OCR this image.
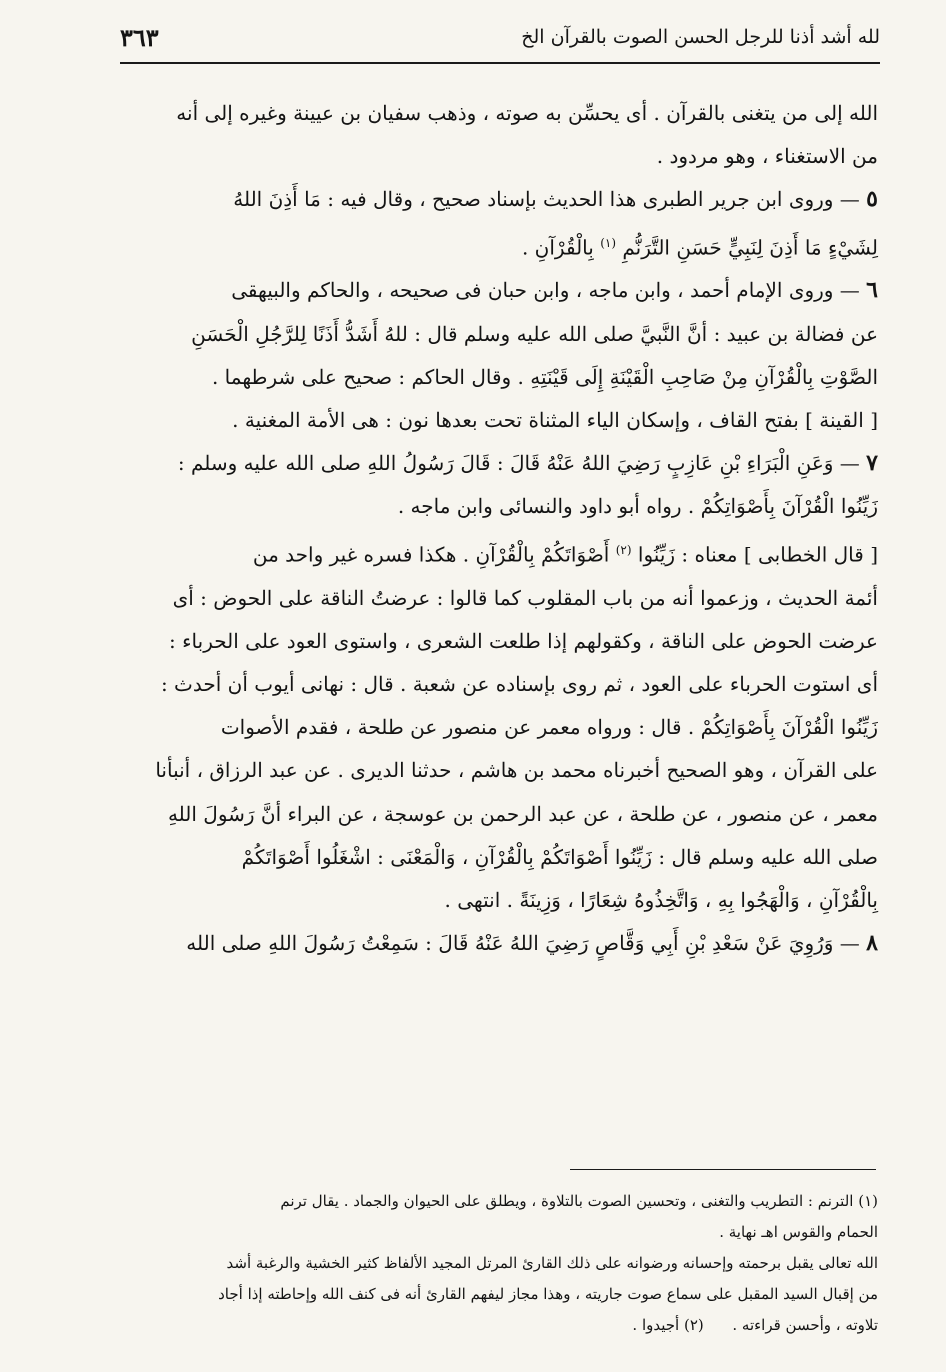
لله أشد أذنا للرجل الحسن الصوت بالقرآن الخ
٣٦٣

الله إلى من يتغنى بالقرآن . أى يحسِّن به صوته ، وذهب سفيان بن عيينة وغيره إلى أنه

من الاستغناء ، وهو مردود .

٥ — وروى ابن جرير الطبرى هذا الحديث بإسناد صحيح ، وقال فيه : مَا أَذِنَ اللهُ

لِشَيْءٍ مَا أَذِنَ لِنَبِيٍّ حَسَنِ التَّرَنُّمِ $^{(١)}$ بِالْقُرْآنِ .

٦ — وروى الإمام أحمد ، وابن ماجه ، وابن حبان فى صحيحه ، والحاكم والبيهقى

عن فضالة بن عبيد : أنَّ النَّبيَّ صلى الله عليه وسلم قال : للهُ أَشَدُّ أَذَنًا لِلرَّجُلِ الْحَسَنِ

الصَّوْتِ بِالْقُرْآنِ مِنْ صَاحِبِ الْقَيْنَةِ إِلَى قَيْنَتِهِ . وقال الحاكم : صحيح على شرطهما .

[ القينة ] بفتح القاف ، وإسكان الياء المثناة تحت بعدها نون : هى الأمة المغنية .

٧ — وَعَنِ الْبَرَاءِ بْنِ عَازِبٍ رَضِيَ اللهُ عَنْهُ قَالَ : قَالَ رَسُولُ اللهِ صلى الله عليه وسلم :

زَيِّنُوا الْقُرْآنَ بِأَصْوَاتِكُمْ . رواه أبو داود والنسائى وابن ماجه .

[ قال الخطابى ] معناه : زَيِّنُوا $^{(٢)}$ أَصْوَاتَكُمْ بِالْقُرْآنِ . هكذا فسره غير واحد من

أئمة الحديث ، وزعموا أنه من باب المقلوب كما قالوا : عرضتُ الناقة على الحوض : أى

عرضت الحوض على الناقة ، وكقولهم إذا طلعت الشعرى ، واستوى العود على الحرباء :

أى استوت الحرباء على العود ، ثم روى بإسناده عن شعبة . قال : نهانى أيوب أن أحدث :

زَيِّنُوا الْقُرْآنَ بِأَصْوَاتِكُمْ . قال : ورواه معمر عن منصور عن طلحة ، فقدم الأصوات

على القرآن ، وهو الصحيح أخبرناه محمد بن هاشم ، حدثنا الديرى . عن عبد الرزاق ، أنبأنا

معمر ، عن منصور ، عن طلحة ، عن عبد الرحمن بن عوسجة ، عن البراء أنَّ رَسُولَ اللهِ

صلى الله عليه وسلم قال : زَيِّنُوا أَصْوَاتَكُمْ بِالْقُرْآنِ ، وَالْمَعْنَى : اشْغَلُوا أَصْوَاتَكُمْ

بِالْقُرْآنِ ، وَالْهَجُوا بِهِ ، وَاتَّخِذُوهُ شِعَارًا ، وَزِينَةً . انتهى .

٨ — وَرُوِيَ عَنْ سَعْدِ بْنِ أَبِي وَقَّاصٍ رَضِيَ اللهُ عَنْهُ قَالَ : سَمِعْتُ رَسُولَ اللهِ صلى الله

(١) الترنم : التطريب والتغنى ، وتحسين الصوت بالتلاوة ، ويطلق على الحيوان والجماد . يقال ترنم

الحمام والقوس اهـ نهاية .

الله تعالى يقبل برحمته وإحسانه ورضوانه على ذلك القارئ المرتل المجيد الألفاظ كثير الخشية والرغبة أشد

من إقبال السيد المقبل على سماع صوت جاريته ، وهذا مجاز ليفهم القارئ أنه فى كنف الله وإحاطته إذا أجاد

تلاوته ، وأحسن قراءته .      (٢) أجيدوا .
